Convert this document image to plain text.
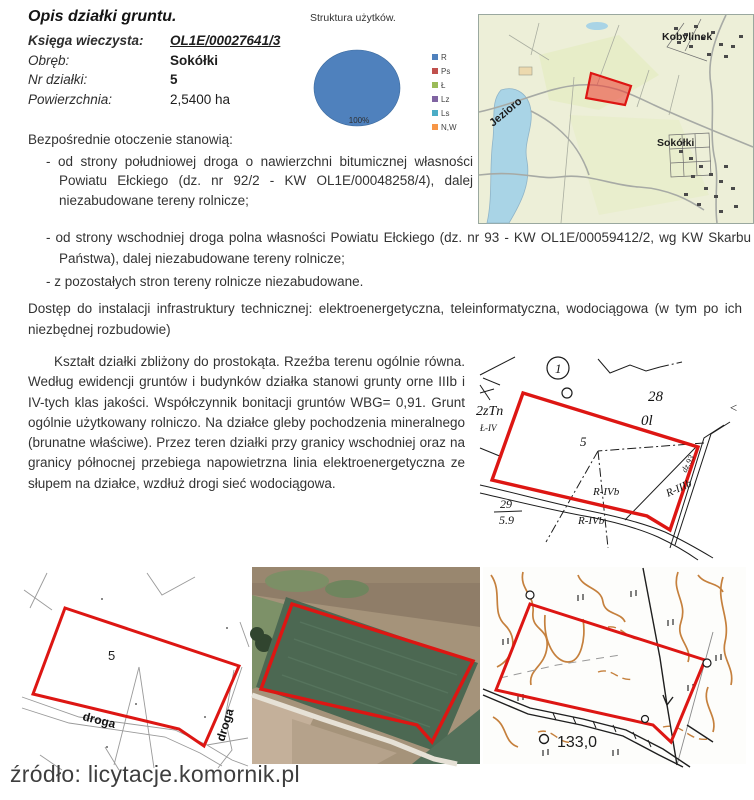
Opis działki gruntu.
Księga wieczysta:	OL1E/00027641/3
Obręb:	Sokółki
Nr działki:	5
Powierzchnia:	2,5400 ha
Struktura użytków.
100%
R
Ps
Ł
Lz
Ls
N,W
Kobylinek
Sokółki
Jezioro
Bezpośrednie otoczenie stanowią:
- od strony południowej droga o nawierzchni bitumicznej własności Powiatu Ełckiego (dz. nr 92/2 - KW OL1E/00048258/4), dalej niezabudowane tereny rolnicze;
- od strony wschodniej droga polna własności Powiatu Ełckiego (dz. nr 93 - KW OL1E/00059412/2, wg KW Skarbu Państwa), dalej niezabudowane tereny rolnicze;
- z pozostałych stron tereny rolnicze niezabudowane.
Dostęp do instalacji infrastruktury technicznej: elektroenergetyczna, teleinformatyczna, wodociągowa (w tym po ich niezbędnej rozbudowie)
Kształt działki zbliżony do prostokąta. Rzeźba terenu ogólnie równa. Według ewidencji gruntów i budynków działka stanowi grunty orne IIIb i IV-tych klas jakości. Współczynnik bonitacji gruntów WBG= 0,91. Grunt ogólnie użytkowany rolniczo. Na działce gleby pochodzenia mineralnego (brunatne właściwe). Przez teren działki przy granicy wschodniej oraz na granicy północnej przebiega napowietrzna linia elektroenergetyczna ze słupem na działce, wzdłuż drogi sieć wodociągowa.
1
28
0l
2zTn
Ł-IV
5
R-IVb
R-IVb
R-IIIb
dz.93
29
5.9
<
5
droga	droga	133,0
źródło: licytacje.komornik.pl
